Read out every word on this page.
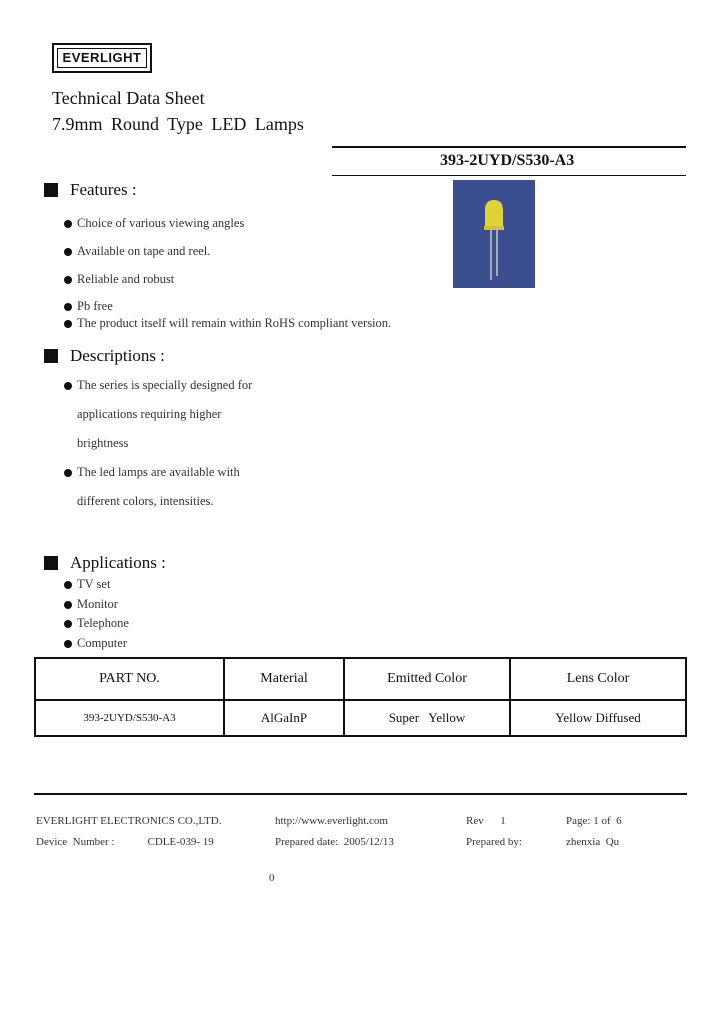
EVERLIGHT
Technical Data Sheet
7.9mm Round Type LED Lamps
393-2UYD/S530-A3
Features :
Choice of various viewing angles
Available on tape and reel.
Reliable and robust
Pb free
The product itself will remain within RoHS compliant version.
Descriptions :
The series is specially designed for
applications requiring higher
brightness
The led lamps are available with
different colors, intensities.
Applications :
TV set
Monitor
Telephone
Computer
PART NO.	Material	Emitted Color	Lens Color
393-2UYD/S530-A3	AlGaInP	Super   Yellow	Yellow Diffused
EVERLIGHT ELECTRONICS CO.,LTD.	http://www.everlight.com	Rev      1	Page: 1 of  6
Device  Number :            CDLE-039- 19	Prepared date:  2005/12/13	Prepared by:	zhenxia  Qu
0
